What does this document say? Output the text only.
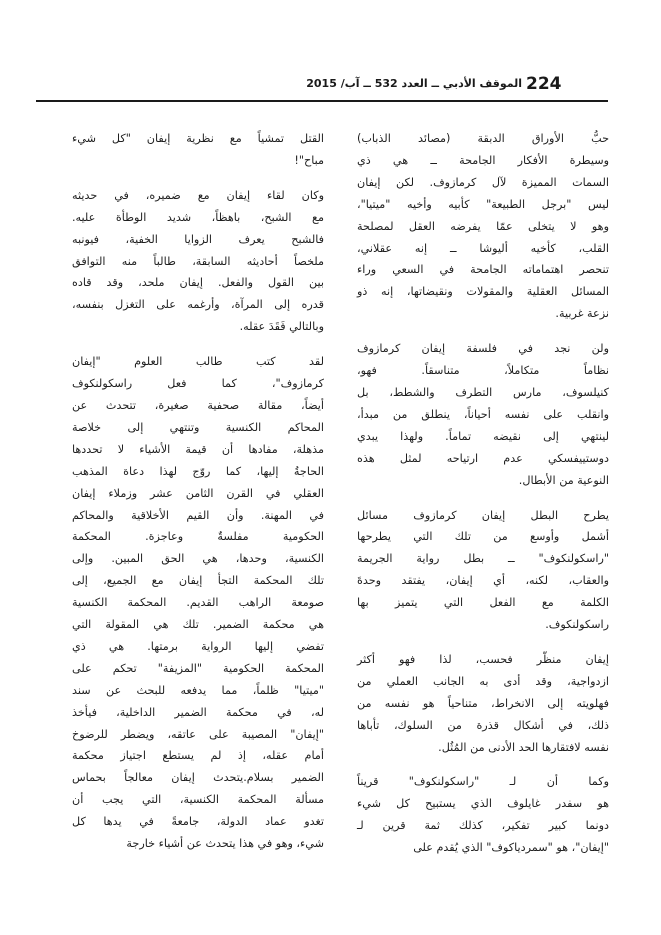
الموقف الأدبي ــ العدد 532 ــ آب/ 2015 224

حبُّ الأوراق الدبقة (مصائد الذباب)
وسيطرة الأفكار الجامحة ــ هي ذي
السمات المميزة لآل كرمازوف. لكن إيفان
ليس "برجل الطبيعة" كأبيه وأخيه "ميتيا"،
وهو لا يتخلى عمّا يفرضه العقل لمصلحة
القلب، كأخيه أليوشا ــ إنه عقلاني،
تنحصر اهتماماته الجامحة في السعي وراء
المسائل العقلية والمقولات ونقيضاتها، إنه ذو
نزعة غربية.

ولن نجد في فلسفة إيفان كرمازوف
نظاماً متكاملاً، متناسقاً. فهو،
كنيلسوف، مارس التطرف والشطط، بل
وانقلب على نفسه أحياناً، ينطلق من مبدأ،
لينتهي إلى نقيضه تماماً. ولهذا يبدي
دوستييفسكي عدم ارتياحه لمثل هذه
النوعية من الأبطال.

يطرح البطل إيفان كرمازوف مسائل
أشمل وأوسع من تلك التي يطرحها
"راسكولنكوف" ــ بطل رواية الجريمة
والعقاب، لكنه، أي إيفان، يفتقد وحدةَ
الكلمة مع الفعل التي يتميز بها
راسكولنكوف.

إيفان منظّر فحسب، لذا فهو أكثر
ازدواجية، وقد أدى به الجانب العملي من
فهلويته إلى الانخراط، متناحياً هو نفسه من
ذلك، في أشكال قذرة من السلوك، تأباها
نفسه لافتقارها الحد الأدنى من المُثُل.

وكما أن لـ "راسكولنكوف" قريناً
هو سفدر غايلوف الذي يستبيح كل شيء
دونما كبير تفكير، كذلك ثمة قرين لـ
"إيفان"، هو "سمردياكوف" الذي يُقدم على

القتل تمشياً مع نظرية إيفان "كل شيء
مباح"!

وكان لقاء إيفان مع ضميره، في حديثه
مع الشبح، باهظاً، شديد الوطأة عليه.
فالشبح يعرف الزوايا الخفية، فيونبه
ملخصاً أحاديثه السابقة، طالباً منه التوافق
بين القول والفعل. إيفان ملحد، وقد قاده
قدره إلى المرآة، وأرغمه على التغزل بنفسه،
وبالتالي فَقَدَ عقله.

لقد كتب طالب العلوم "إيفان
كرمازوف"، كما فعل راسكولنكوف
أيضاً، مقالة صحفية صغيرة، تتحدث عن
المحاكم الكنسية وتنتهي إلى خلاصة
مذهلة، مفادها أن قيمة الأشياء لا تحددها
الحاجةُ إليها، كما روّج لهذا دعاة المذهب
العقلي في القرن الثامن عشر وزملاء إيفان
في المهنة. وأن القيم الأخلاقية والمحاكم
الحكومية مفلسةٌ وعاجزة. المحكمة
الكنسية، وحدها، هي الحق المبين. وإلى
تلك المحكمة التجأ إيفان مع الجميع، إلى
صومعة الراهب القديم. المحكمة الكنسية
هي محكمة الضمير. تلك هي المقولة التي
تفضي إليها الرواية برمتها. هي ذي
المحكمة الحكومية "المزيفة" تحكم على
"ميتيا" ظلماً، مما يدفعه للبحث عن سند
له، في محكمة الضمير الداخلية، فيأخذ
"إيفان" المصيبة على عاتقه، ويضطر للرضوخ
أمام عقله، إذ لم يستطع اجتياز محكمة
الضمير بسلام.يتحدث إيفان معالجاً بحماس
مسألة المحكمة الكنسية، التي يجب أن
تغدو عماد الدولة، جامعةً في يدها كل
شيء، وهو في هذا يتحدث عن أشياء خارجة
